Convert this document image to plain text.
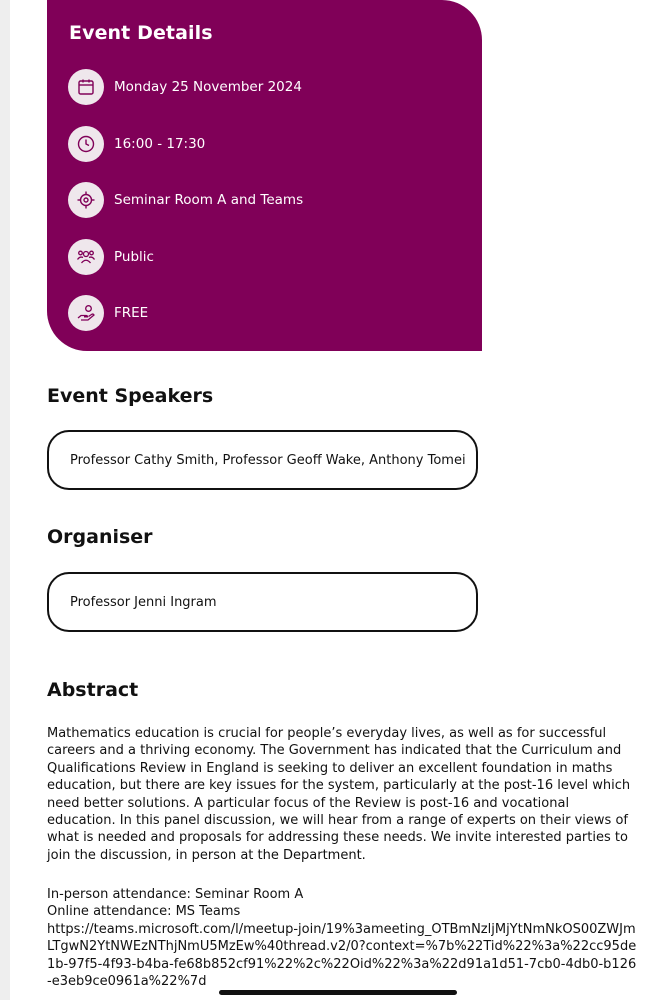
Event Details
Monday 25 November 2024
16:00 - 17:30
Seminar Room A and Teams
Public
FREE
Event Speakers
Professor Cathy Smith, Professor Geoff Wake, Anthony Tomei
Organiser
Professor Jenni Ingram
Abstract

Mathematics education is crucial for people’s everyday lives, as well as for successful careers and a thriving economy. The Government has indicated that the Curriculum and Qualifications Review in England is seeking to deliver an excellent foundation in maths education, but there are key issues for the system, particularly at the post-16 level which need better solutions. A particular focus of the Review is post-16 and vocational education. In this panel discussion, we will hear from a range of experts on their views of what is needed and proposals for addressing these needs. We invite interested parties to join the discussion, in person at the Department.

In-person attendance: Seminar Room A
Online attendance: MS Teams
https://teams.microsoft.com/l/meetup-join/19%3ameeting_OTBmNzljMjYtNmNkOS00ZWJmLTgwN2YtNWEzNThjNmU5MzEw%40thread.v2/0?context=%7b%22Tid%22%3a%22cc95de1b-97f5-4f93-b4ba-fe68b852cf91%22%2c%22Oid%22%3a%22d91a1d51-7cb0-4db0-b126-e3eb9ce0961a%22%7d
